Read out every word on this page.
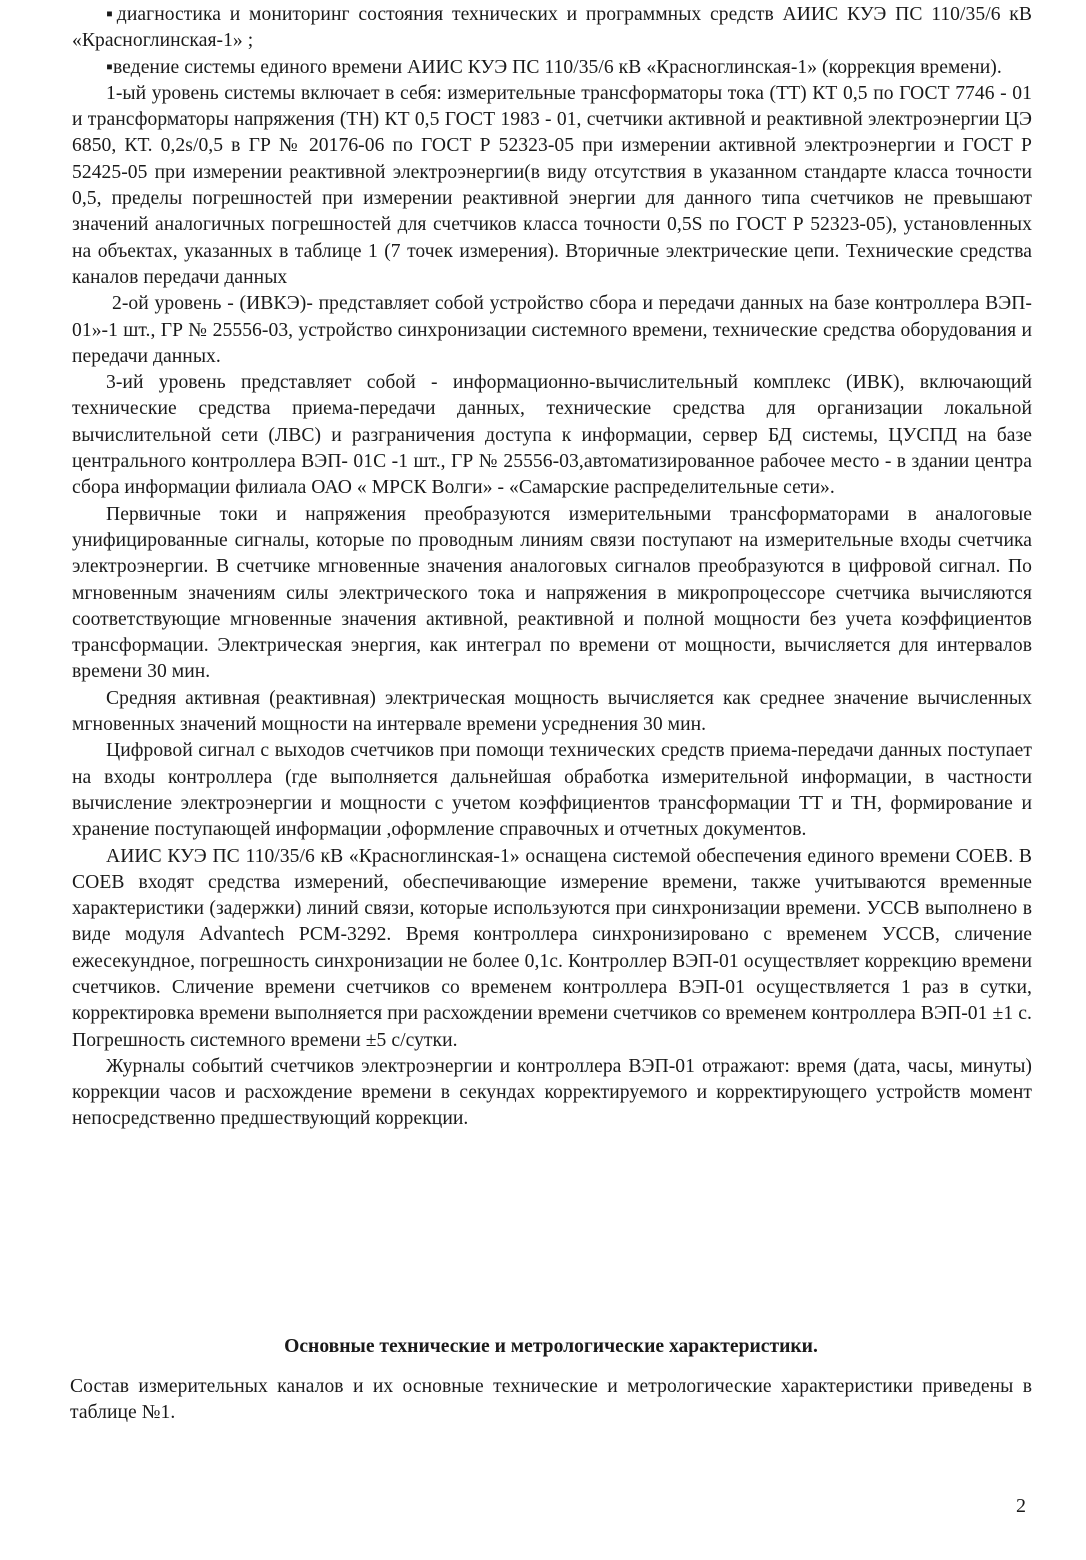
▪диагностика и мониторинг состояния технических и программных средств АИИС КУЭ ПС 110/35/6 кВ «Красноглинская-1» ;

▪ведение системы единого времени АИИС КУЭ ПС 110/35/6 кВ «Красноглинская-1» (коррекция времени).

1-ый уровень системы включает в себя: измерительные трансформаторы тока (ТТ) КТ 0,5 по ГОСТ 7746 - 01 и трансформаторы напряжения (ТН) КТ 0,5 ГОСТ 1983 - 01, счетчики активной и реактивной электроэнергии ЦЭ 6850, КТ. 0,2s/0,5 в ГР № 20176-06 по ГОСТ Р 52323-05 при измерении активной электроэнергии и ГОСТ Р 52425-05 при измерении реактивной электроэнергии(в виду отсутствия в указанном стандарте класса точности 0,5, пределы погрешностей при измерении реактивной энергии для данного типа счетчиков не превышают значений аналогичных погрешностей для счетчиков класса точности 0,5S по ГОСТ Р 52323-05), установленных на объектах, указанных в таблице 1 (7 точек измерения). Вторичные электрические цепи. Технические средства каналов передачи данных

2-ой уровень - (ИВКЭ)- представляет собой устройство сбора и передачи данных на базе контроллера ВЭП- 01»-1 шт., ГР № 25556-03, устройство синхронизации системного времени, технические средства оборудования и передачи данных.

3-ий уровень представляет собой - информационно-вычислительный комплекс (ИВК), включающий технические средства приема-передачи данных, технические средства для организации локальной вычислительной сети (ЛВС) и разграничения доступа к информации, сервер БД системы, ЦУСПД на базе центрального контроллера ВЭП- 01С -1 шт., ГР № 25556-03,автоматизированное рабочее место - в здании центра сбора информации филиала ОАО « МРСК Волги» - «Самарские распределительные сети».

Первичные токи и напряжения преобразуются измерительными трансформаторами в аналоговые унифицированные сигналы, которые по проводным линиям связи поступают на измерительные входы счетчика электроэнергии. В счетчике мгновенные значения аналоговых сигналов преобразуются в цифровой сигнал. По мгновенным значениям силы электрического тока и напряжения в микропроцессоре счетчика вычисляются соответствующие мгновенные значения активной, реактивной и полной мощности без учета коэффициентов трансформации. Электрическая энергия, как интеграл по времени от мощности, вычисляется для интервалов времени 30 мин.

Средняя активная (реактивная) электрическая мощность вычисляется как среднее значение вычисленных мгновенных значений мощности на интервале времени усреднения 30 мин.

Цифровой сигнал с выходов счетчиков при помощи технических средств приема-передачи данных поступает на входы контроллера (где выполняется дальнейшая обработка измерительной информации, в частности вычисление электроэнергии и мощности с учетом коэффициентов трансформации ТТ и ТН, формирование и хранение поступающей информации ,оформление справочных и отчетных документов.

АИИС КУЭ ПС 110/35/6 кВ «Красноглинская-1» оснащена системой обеспечения единого времени СОЕВ. В СОЕВ входят средства измерений, обеспечивающие измерение времени, также учитываются временные характеристики (задержки) линий связи, которые используются при синхронизации времени. УССВ выполнено в виде модуля Advantech PCM-3292. Время контроллера синхронизировано с временем УССВ, сличение ежесекундное, погрешность синхронизации не более 0,1с. Контроллер ВЭП-01 осуществляет коррекцию времени счетчиков. Сличение времени счетчиков со временем контроллера ВЭП-01 осуществляется 1 раз в сутки, корректировка времени выполняется при расхождении времени счетчиков со временем контроллера ВЭП-01 ±1 с. Погрешность системного времени ±5 с/сутки.

Журналы событий счетчиков электроэнергии и контроллера ВЭП-01 отражают: время (дата, часы, минуты) коррекции часов и расхождение времени в секундах корректируемого и корректирующего устройств момент непосредственно предшествующий коррекции.

Основные технические и метрологические характеристики.

Состав измерительных каналов и их основные технические и метрологические характеристики приведены в таблице №1.

2
